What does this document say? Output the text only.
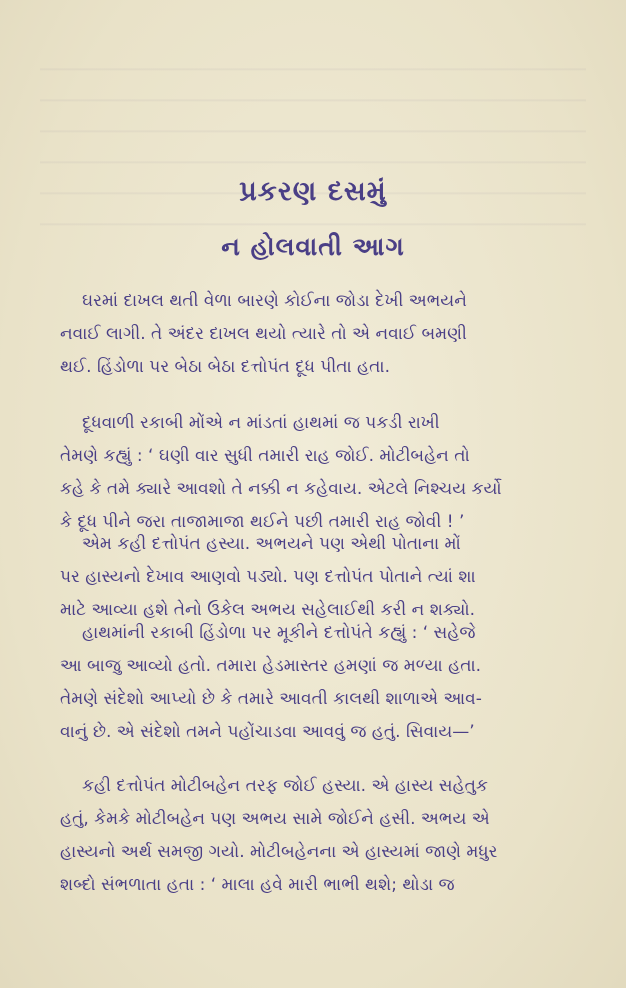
પ્રકરણ દસમું
ન હોલવાતી આગ
ઘરમાં દાખલ થતી વેળા બારણે કોઈના જોડા દેખી અભયને
નવાઈ લાગી. તે અંદર દાખલ થયો ત્યારે તો એ નવાઈ બમણી
થઈ. હિંડોળા પર બેઠા બેઠા દત્તોપંત દૂધ પીતા હતા.
દૂધવાળી રકાબી મોંએ ન માંડતાં હાથમાં જ પકડી રાખી
તેમણે કહ્યું : ‘ ઘણી વાર સુધી તમારી રાહ જોઈ. મોટીબહેન તો
કહે કે તમે ક્યારે આવશો તે નક્કી ન કહેવાય. એટલે નિશ્ચય કર્યો
કે દૂધ પીને જરા તાજામાજા થઈને પછી તમારી રાહ જોવી ! ’
એમ કહી દત્તોપંત હસ્યા. અભયને પણ એથી પોતાના મોં
પર હાસ્યનો દેખાવ આણવો પડ્યો. પણ દત્તોપંત પોતાને ત્યાં શા
માટે આવ્યા હશે તેનો ઉકેલ અભય સહેલાઈથી કરી ન શક્યો.
હાથમાંની રકાબી હિંડોળા પર મૂકીને દત્તોપંતે કહ્યું : ‘ સહેજે
આ બાજુ આવ્યો હતો. તમારા હેડમાસ્તર હમણાં જ મળ્યા હતા.
તેમણે સંદેશો આપ્યો છે કે તમારે આવતી કાલથી શાળાએ આવ-
વાનું છે. એ સંદેશો તમને પહોંચાડવા આવવું જ હતું. સિવાય—’
કહી દત્તોપંત મોટીબહેન તરફ જોઈ હસ્યા. એ હાસ્ય સહેતુક
હતું, કેમકે મોટીબહેન પણ અભય સામે જોઈને હસી. અભય એ
હાસ્યનો અર્થ સમજી ગયો. મોટીબહેનના એ હાસ્યમાં જાણે મધુર
શબ્દો સંભળાતા હતા : ‘ માલા હવે મારી ભાભી થશે; થોડા જ
